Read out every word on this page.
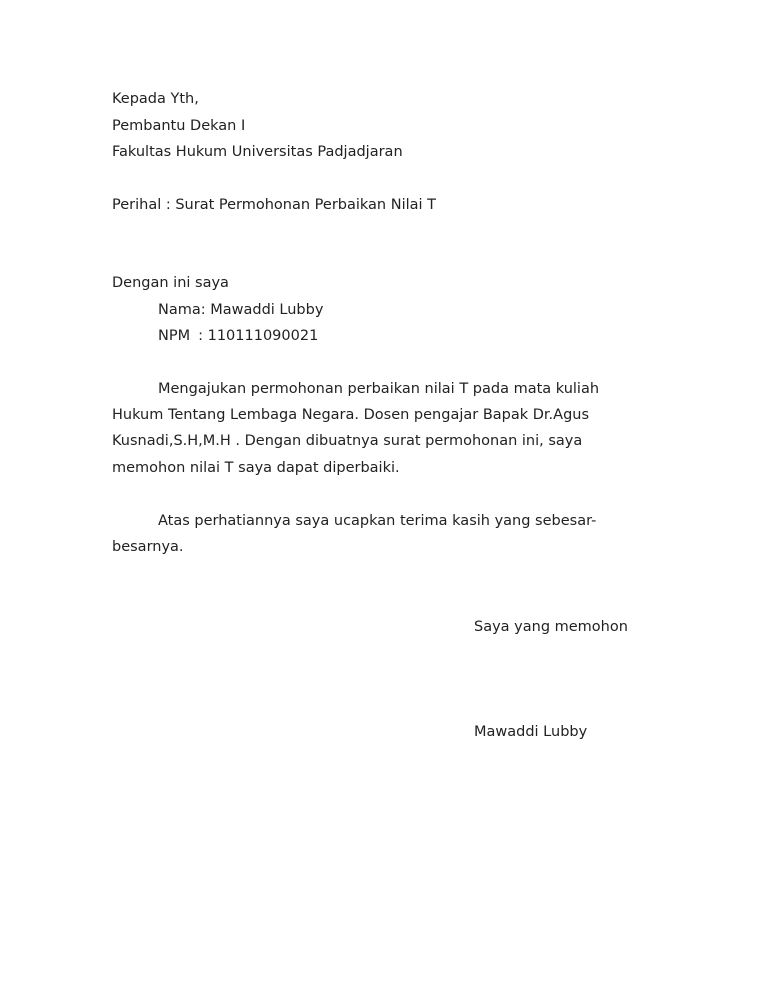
Kepada Yth,
Pembantu Dekan I
Fakultas Hukum Universitas Padjadjaran
Perihal : Surat Permohonan Perbaikan Nilai T
Dengan ini saya
Nama: Mawaddi Lubby
NPM : 110111090021
Mengajukan permohonan perbaikan nilai T pada mata kuliah
Hukum Tentang Lembaga Negara. Dosen pengajar Bapak Dr.Agus
Kusnadi,S.H,M.H . Dengan dibuatnya surat permohonan ini, saya
memohon nilai T saya dapat diperbaiki.
Atas perhatiannya saya ucapkan terima kasih yang sebesar-
besarnya.
Saya yang memohon
Mawaddi Lubby
